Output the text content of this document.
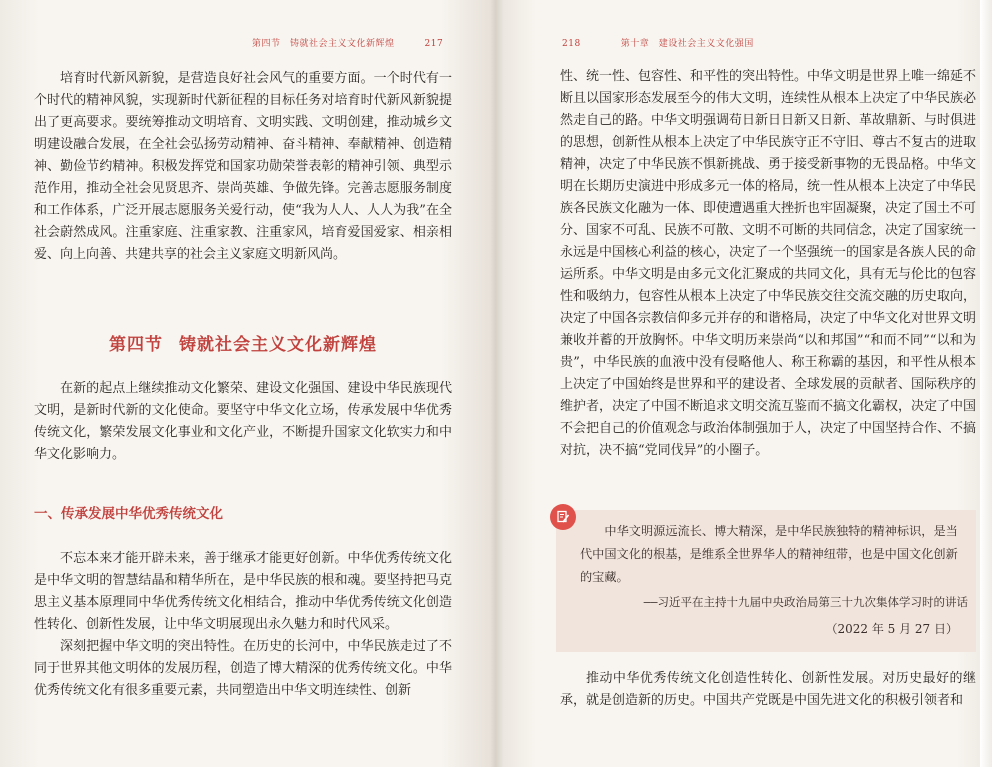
第四节　铸就社会主义文化新辉煌	217

培育时代新风新貌，是营造良好社会风气的重要方面。一个时代有一个时代的精神风貌，实现新时代新征程的目标任务对培育时代新风新貌提出了更高要求。要统筹推动文明培育、文明实践、文明创建，推动城乡文明建设融合发展，在全社会弘扬劳动精神、奋斗精神、奉献精神、创造精神、勤俭节约精神。积极发挥党和国家功勋荣誉表彰的精神引领、典型示范作用，推动全社会见贤思齐、崇尚英雄、争做先锋。完善志愿服务制度和工作体系，广泛开展志愿服务关爱行动，使“我为人人、人人为我”在全社会蔚然成风。注重家庭、注重家教、注重家风，培育爱国爱家、相亲相爱、向上向善、共建共享的社会主义家庭文明新风尚。

第四节 铸就社会主义文化新辉煌

在新的起点上继续推动文化繁荣、建设文化强国、建设中华民族现代文明，是新时代新的文化使命。要坚守中华文化立场，传承发展中华优秀传统文化，繁荣发展文化事业和文化产业，不断提升国家文化软实力和中华文化影响力。

一、传承发展中华优秀传统文化

不忘本来才能开辟未来，善于继承才能更好创新。中华优秀传统文化是中华文明的智慧结晶和精华所在，是中华民族的根和魂。要坚持把马克思主义基本原理同中华优秀传统文化相结合，推动中华优秀传统文化创造性转化、创新性发展，让中华文明展现出永久魅力和时代风采。

深刻把握中华文明的突出特性。在历史的长河中，中华民族走过了不同于世界其他文明体的发展历程，创造了博大精深的优秀传统文化。中华优秀传统文化有很多重要元素，共同塑造出中华文明连续性、创新

218	第十章　建设社会主义文化强国

性、统一性、包容性、和平性的突出特性。中华文明是世界上唯一绵延不断且以国家形态发展至今的伟大文明，连续性从根本上决定了中华民族必然走自己的路。中华文明强调苟日新日日新又日新、革故鼎新、与时俱进的思想，创新性从根本上决定了中华民族守正不守旧、尊古不复古的进取精神，决定了中华民族不惧新挑战、勇于接受新事物的无畏品格。中华文明在长期历史演进中形成多元一体的格局，统一性从根本上决定了中华民族各民族文化融为一体、即使遭遇重大挫折也牢固凝聚，决定了国土不可分、国家不可乱、民族不可散、文明不可断的共同信念，决定了国家统一永远是中国核心利益的核心，决定了一个坚强统一的国家是各族人民的命运所系。中华文明是由多元文化汇聚成的共同文化，具有无与伦比的包容性和吸纳力，包容性从根本上决定了中华民族交往交流交融的历史取向，决定了中国各宗教信仰多元并存的和谐格局，决定了中华文化对世界文明兼收并蓄的开放胸怀。中华文明历来崇尚“以和邦国”“和而不同”“以和为贵”，中华民族的血液中没有侵略他人、称王称霸的基因，和平性从根本上决定了中国始终是世界和平的建设者、全球发展的贡献者、国际秩序的维护者，决定了中国不断追求文明交流互鉴而不搞文化霸权，决定了中国不会把自己的价值观念与政治体制强加于人，决定了中国坚持合作、不搞对抗，决不搞“党同伐异”的小圈子。

中华文明源远流长、博大精深，是中华民族独特的精神标识，是当代中国文化的根基，是维系全世界华人的精神纽带，也是中国文化创新的宝藏。

——习近平在主持十九届中央政治局第三十九次集体学习时的讲话
（2022 年 5 月 27 日）

推动中华优秀传统文化创造性转化、创新性发展。对历史最好的继承，就是创造新的历史。中国共产党既是中国先进文化的积极引领者和
